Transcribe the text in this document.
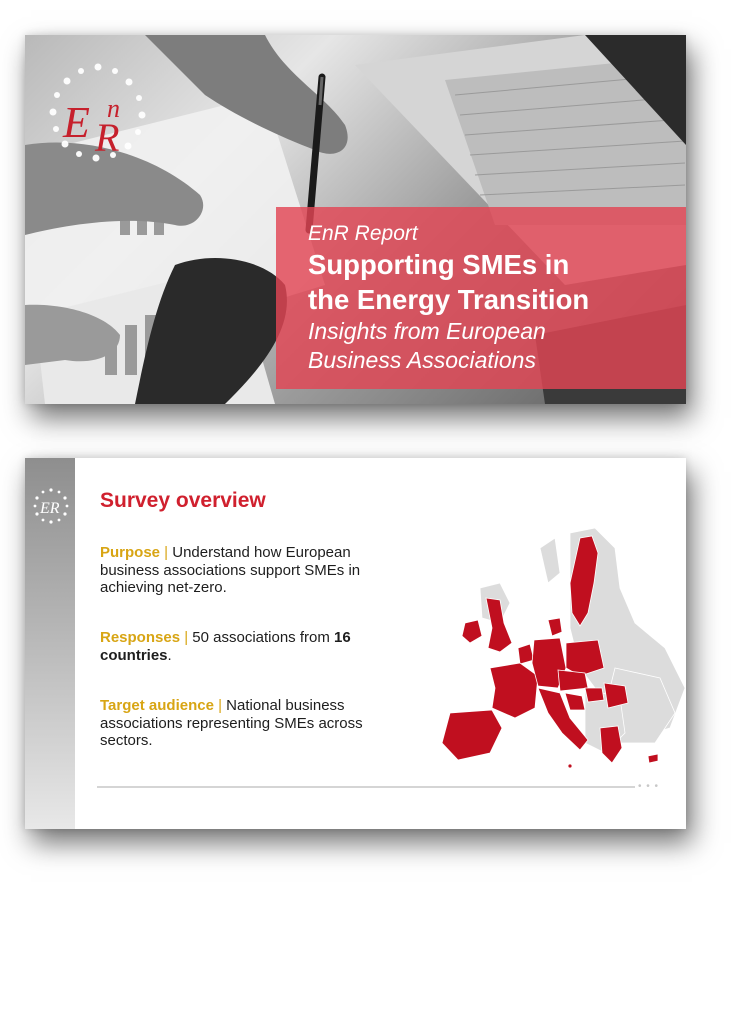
E R
n
EnR Report
Supporting SMEs in
the Energy Transition
Insights from European
Business Associations
ER Survey overview
Purpose | Understand how European business associations support SMEs in achieving net-zero.
Responses | 50 associations from 16 countries.
Target audience | National business associations representing SMEs across sectors.
• • •
